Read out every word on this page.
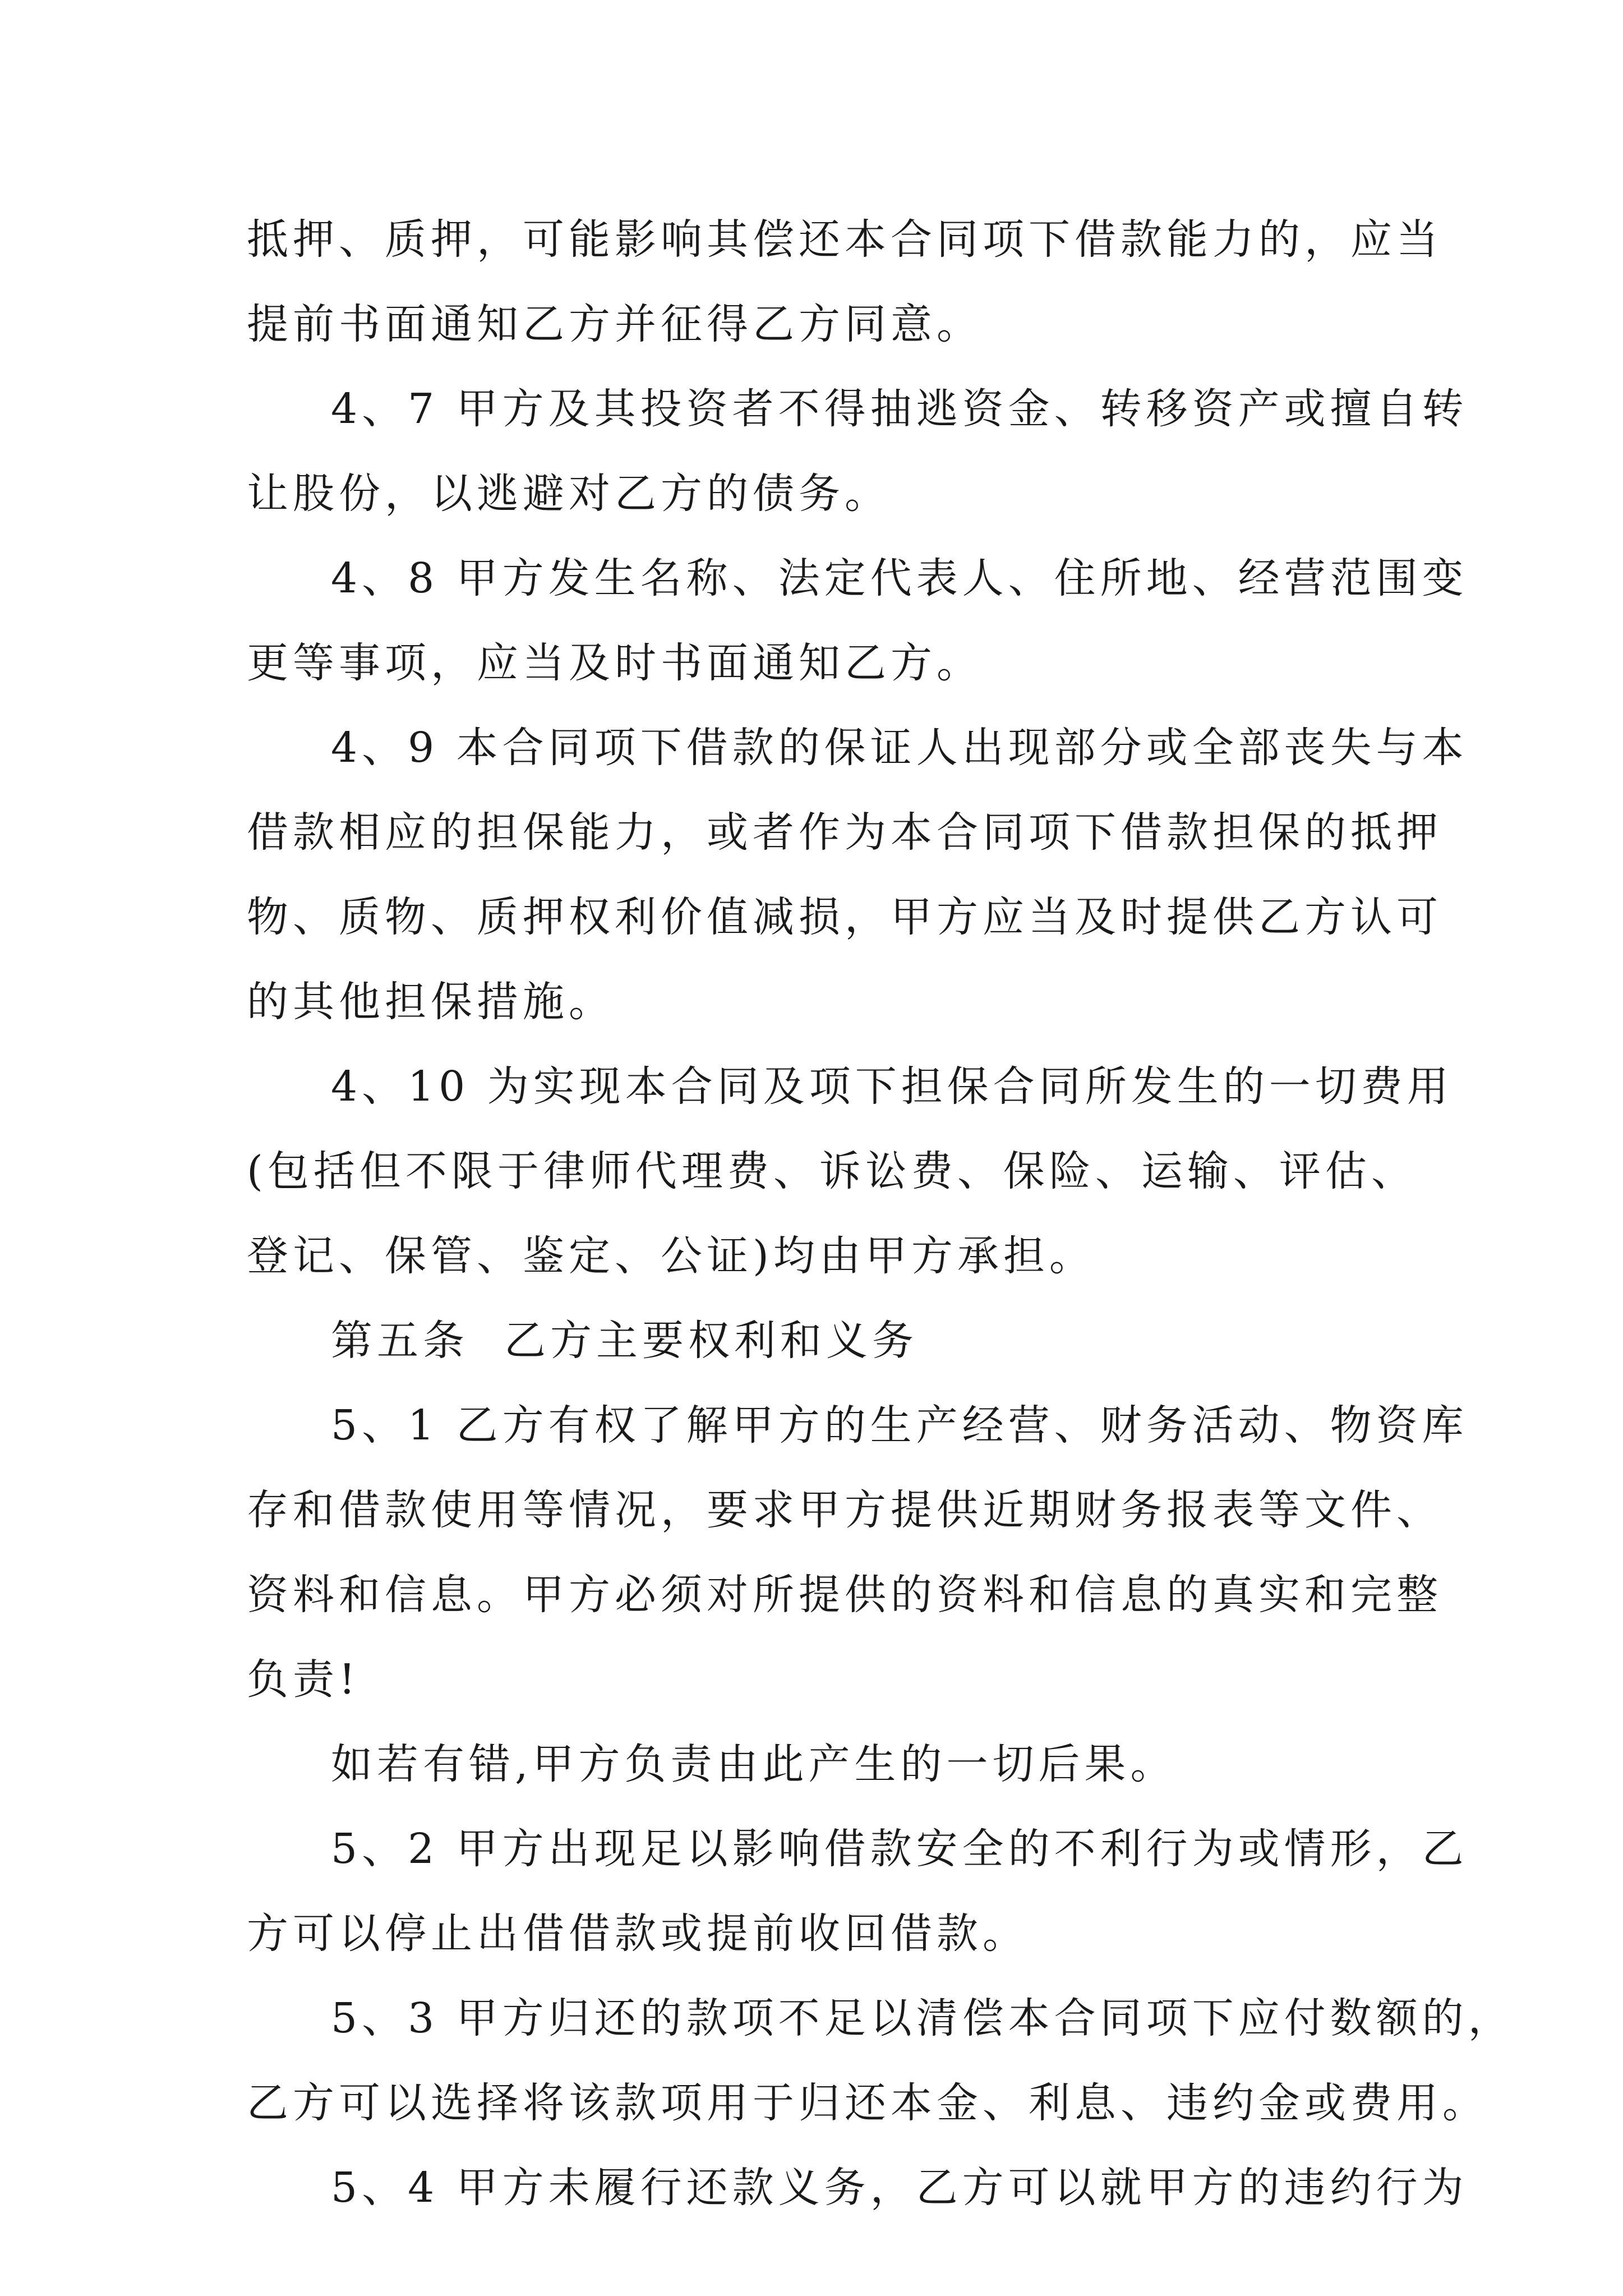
抵押、质押，可能影响其偿还本合同项下借款能力的，应当
提前书面通知乙方并征得乙方同意。
4、7 甲方及其投资者不得抽逃资金、转移资产或擅自转
让股份，以逃避对乙方的债务。
4、8 甲方发生名称、法定代表人、住所地、经营范围变
更等事项，应当及时书面通知乙方。
4、9 本合同项下借款的保证人出现部分或全部丧失与本
借款相应的担保能力，或者作为本合同项下借款担保的抵押
物、质物、质押权利价值减损，甲方应当及时提供乙方认可
的其他担保措施。
4、10 为实现本合同及项下担保合同所发生的一切费用
(包括但不限于律师代理费、诉讼费、保险、运输、评估、
登记、保管、鉴定、公证)均由甲方承担。
第五条  乙方主要权利和义务
5、1 乙方有权了解甲方的生产经营、财务活动、物资库
存和借款使用等情况，要求甲方提供近期财务报表等文件、
资料和信息。甲方必须对所提供的资料和信息的真实和完整
负责!
如若有错,甲方负责由此产生的一切后果。
5、2 甲方出现足以影响借款安全的不利行为或情形，乙
方可以停止出借借款或提前收回借款。
5、3 甲方归还的款项不足以清偿本合同项下应付数额的，
乙方可以选择将该款项用于归还本金、利息、违约金或费用。
5、4 甲方未履行还款义务，乙方可以就甲方的违约行为
